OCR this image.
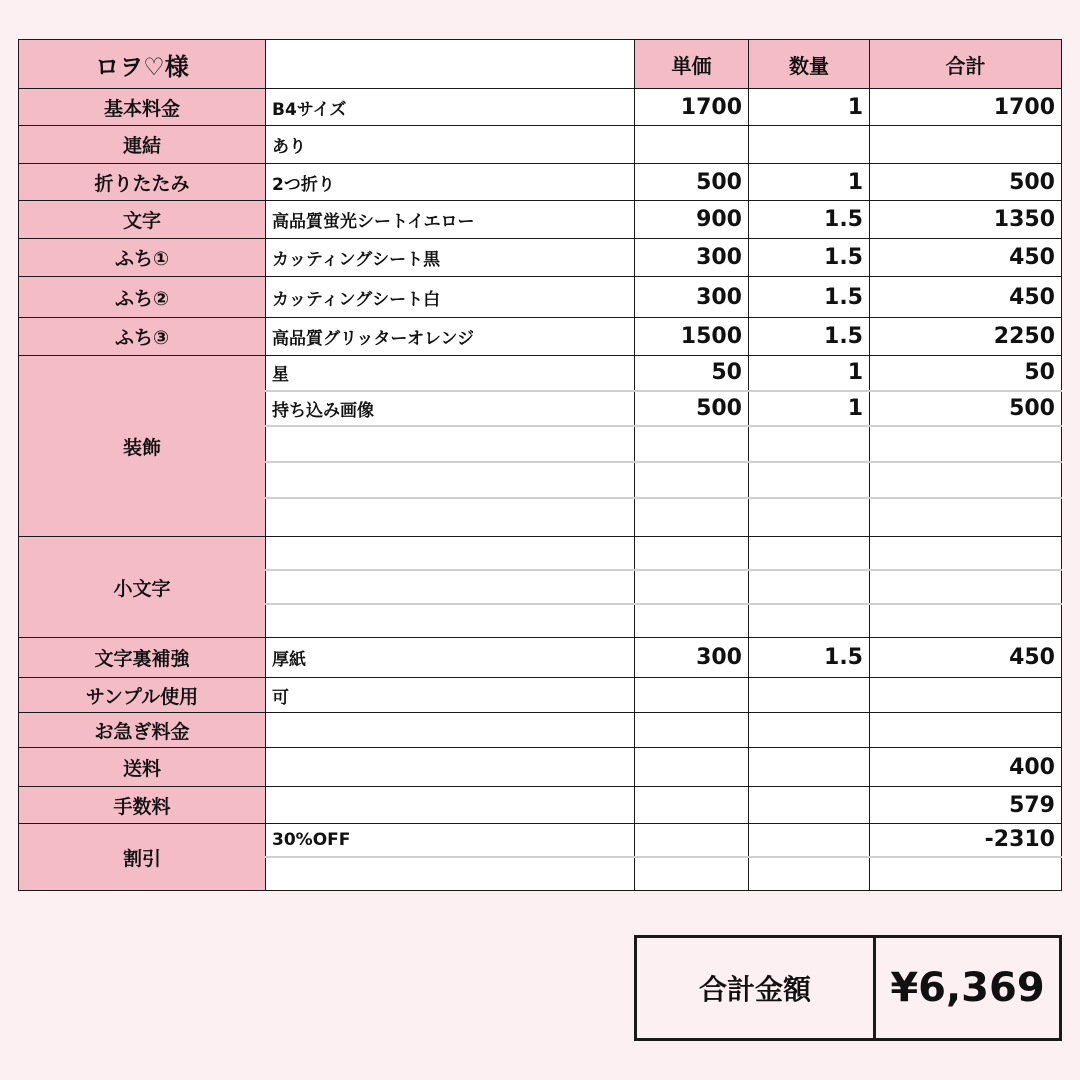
ロヲ♡様		単価	数量	合計
基本料金	B4サイズ	1700	1	1700
連結	あり			
折りたたみ	2つ折り	500	1	500
文字	高品質蛍光シートイエロー	900	1.5	1350
ふち①	カッティングシート黒	300	1.5	450
ふち②	カッティングシート白	300	1.5	450
ふち③	高品質グリッターオレンジ	1500	1.5	2250
装飾	星	50	1	50
	持ち込み画像	500	1	500

小文字				

文字裏補強	厚紙	300	1.5	450
サンプル使用	可			
お急ぎ料金				
送料				400
手数料				579
割引	30%OFF			-2310

合計金額	¥6,369
